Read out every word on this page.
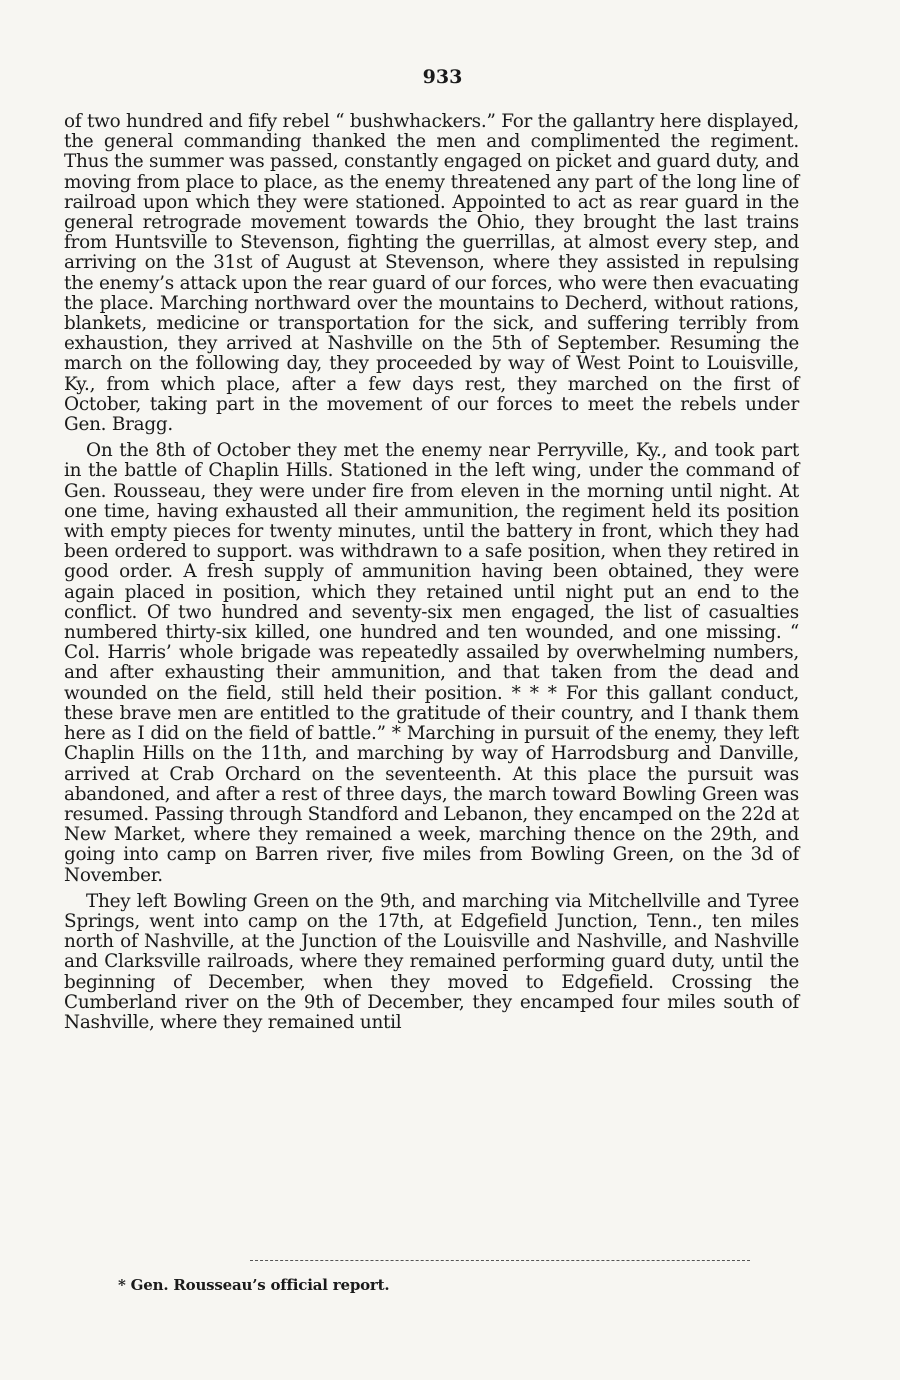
933

of two hundred and fify rebel “ bushwhackers.” For the gallantry here displayed, the general commanding thanked the men and complimented the regiment. Thus the summer was passed, constantly engaged on picket and guard duty, and moving from place to place, as the enemy threatened any part of the long line of railroad upon which they were stationed. Appointed to act as rear guard in the general retrograde movement towards the Ohio, they brought the last trains from Huntsville to Stevenson, fighting the guerrillas, at almost every step, and arriving on the 31st of August at Stevenson, where they assisted in repulsing the enemy’s attack upon the rear guard of our forces, who were then evacuating the place. Marching northward over the mountains to Decherd, without rations, blankets, medicine or transportation for the sick, and suffering terribly from exhaustion, they arrived at Nashville on the 5th of September. Resuming the march on the following day, they proceeded by way of West Point to Louisville, Ky., from which place, after a few days rest, they marched on the first of October, taking part in the movement of our forces to meet the rebels under Gen. Bragg.

On the 8th of October they met the enemy near Perryville, Ky., and took part in the battle of Chaplin Hills. Stationed in the left wing, under the command of Gen. Rousseau, they were under fire from eleven in the morning until night. At one time, having exhausted all their ammunition, the regiment held its position with empty pieces for twenty minutes, until the battery in front, which they had been ordered to support. was withdrawn to a safe position, when they retired in good order. A fresh supply of ammunition having been obtained, they were again placed in position, which they retained until night put an end to the conflict. Of two hundred and seventy-six men engaged, the list of casualties numbered thirty-six killed, one hundred and ten wounded, and one missing. “ Col. Harris’ whole brigade was repeatedly assailed by overwhelming numbers, and after exhausting their ammunition, and that taken from the dead and wounded on the field, still held their position. * * * For this gallant conduct, these brave men are entitled to the gratitude of their country, and I thank them here as I did on the field of battle.” * Marching in pursuit of the enemy, they left Chaplin Hills on the 11th, and marching by way of Harrodsburg and Danville, arrived at Crab Orchard on the seventeenth. At this place the pursuit was abandoned, and after a rest of three days, the march toward Bowling Green was resumed. Passing through Standford and Lebanon, they encamped on the 22d at New Market, where they remained a week, marching thence on the 29th, and going into camp on Barren river, five miles from Bowling Green, on the 3d of November.

They left Bowling Green on the 9th, and marching via Mitchellville and Tyree Springs, went into camp on the 17th, at Edgefield Junction, Tenn., ten miles north of Nashville, at the Junction of the Louisville and Nashville, and Nashville and Clarksville railroads, where they remained performing guard duty, until the beginning of December, when they moved to Edgefield. Crossing the Cumberland river on the 9th of December, they encamped four miles south of Nashville, where they remained until

* Gen. Rousseau’s official report.
